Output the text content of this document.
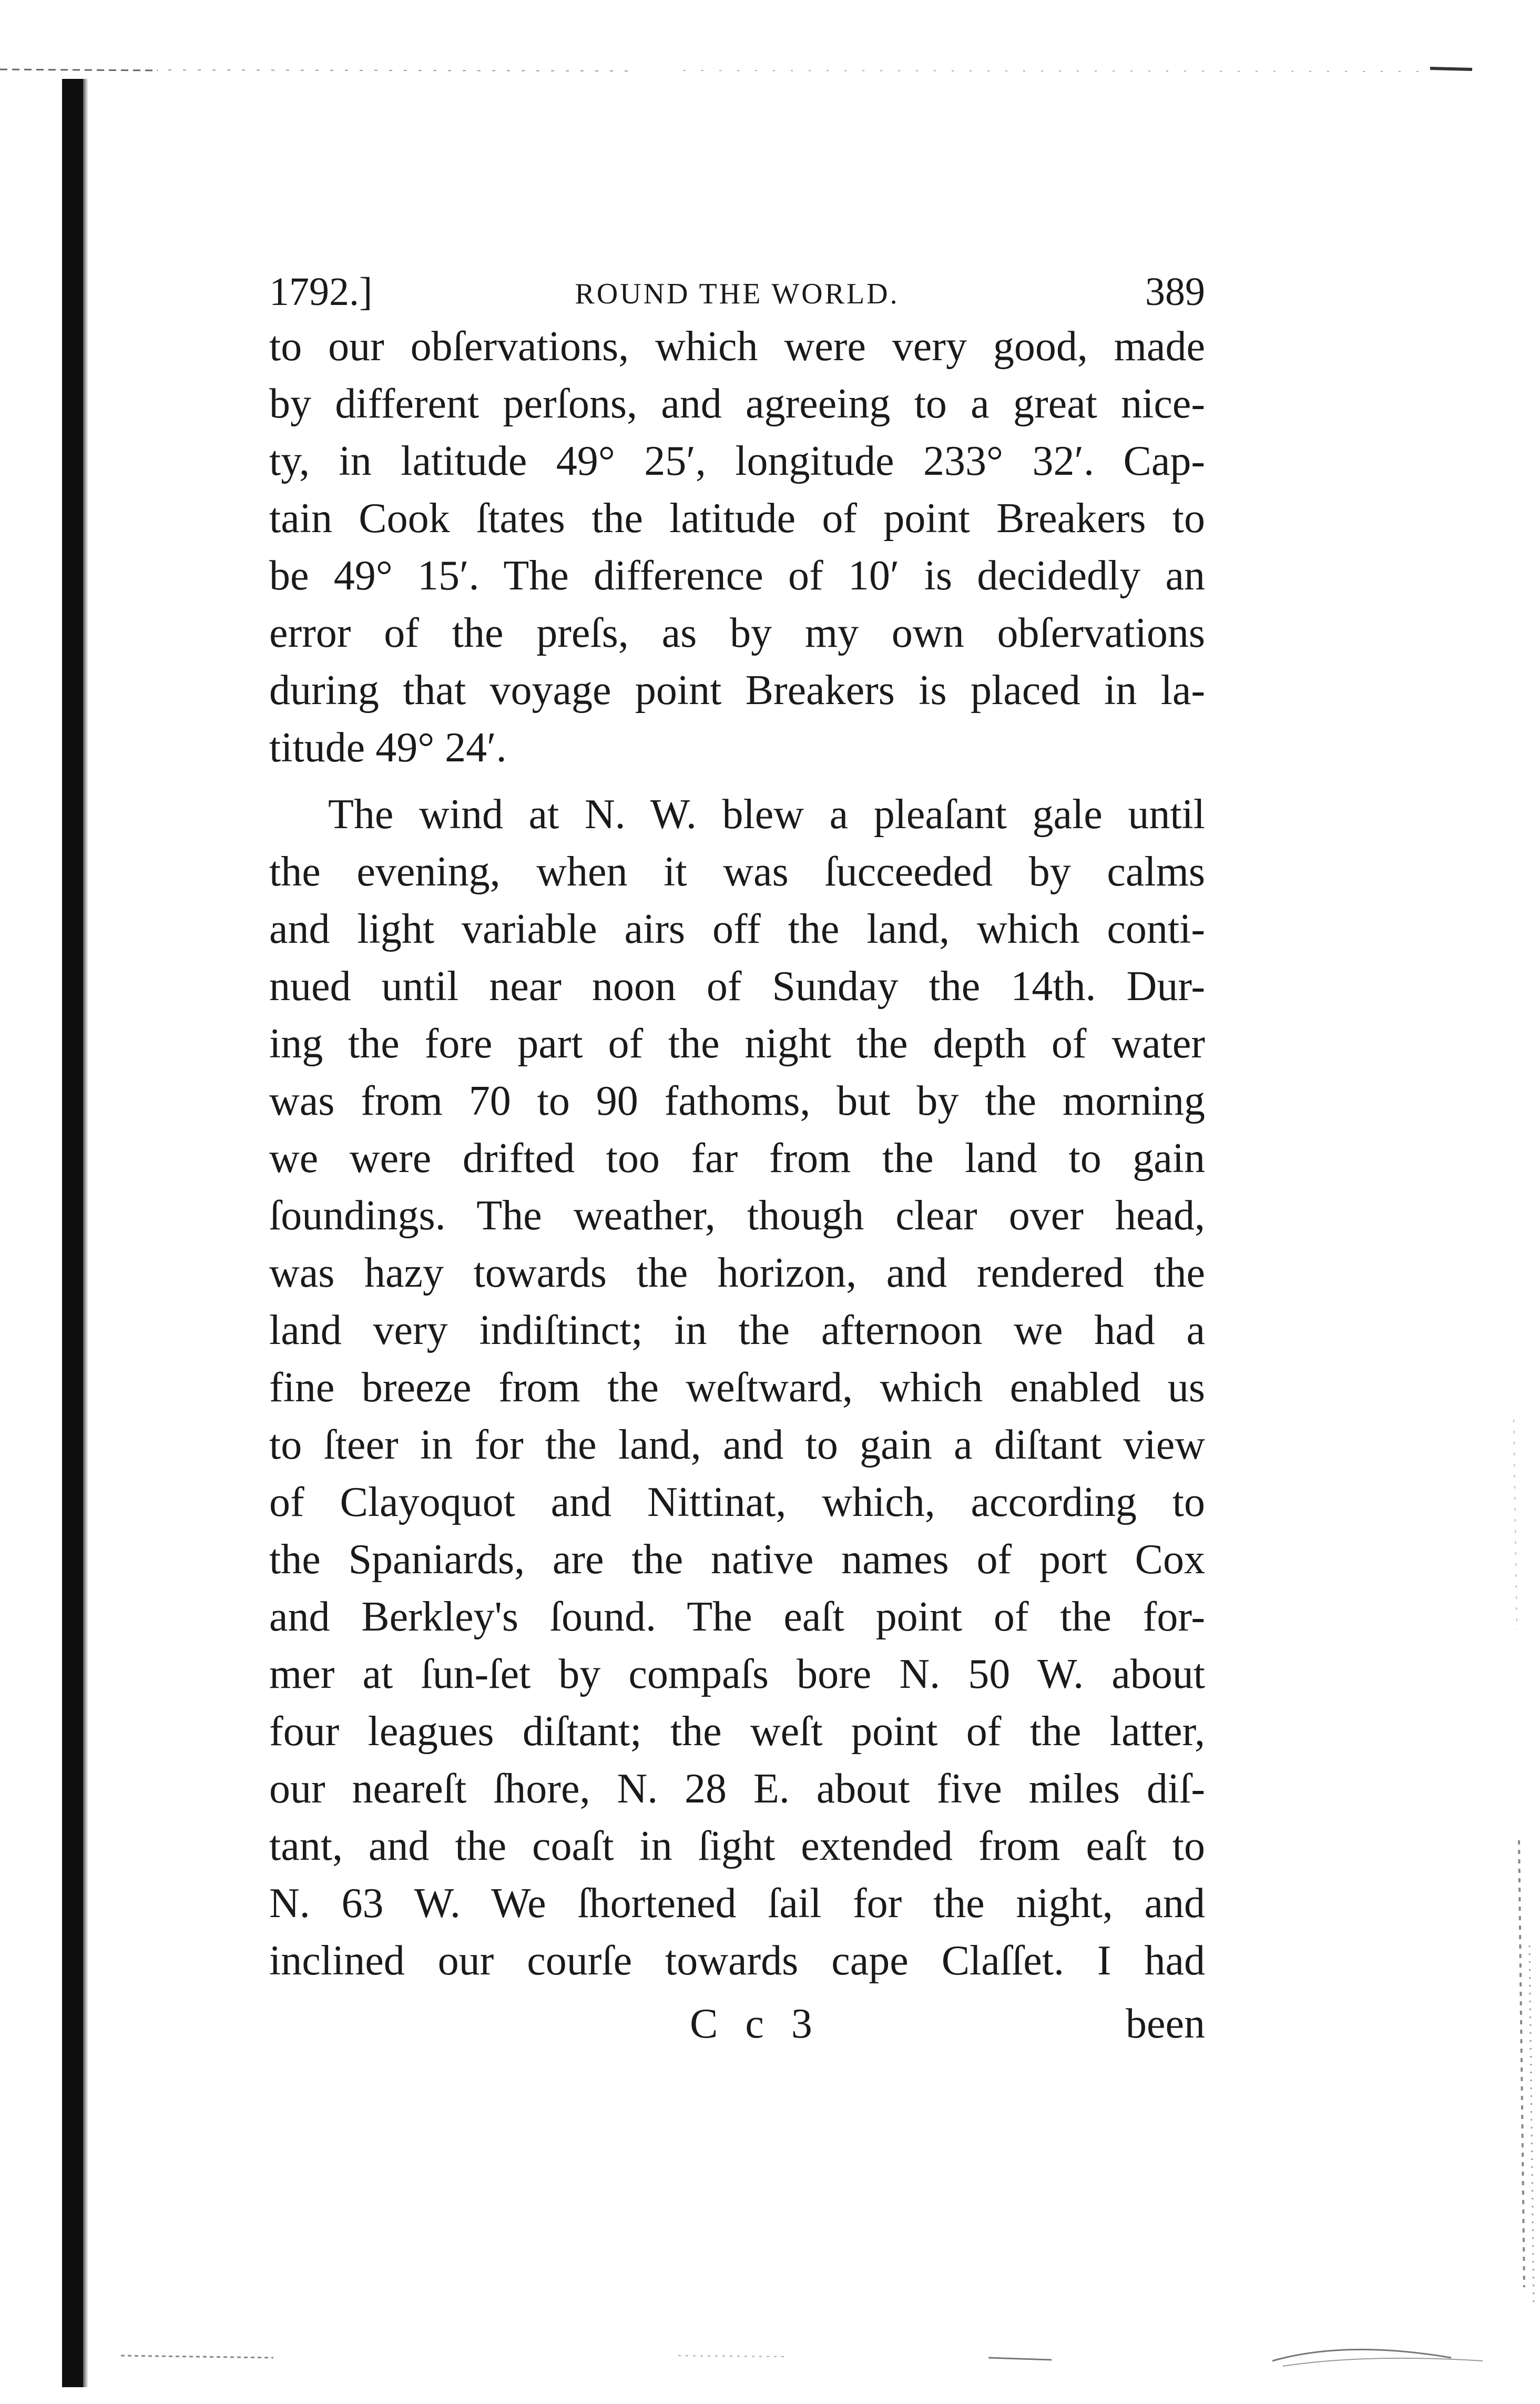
1792.]	ROUND THE WORLD.	389
to our obſervations, which were very good, made
by different perſons, and agreeing to a great nice-
ty, in latitude 49° 25′, longitude 233° 32′. Cap-
tain Cook ſtates the latitude of point Breakers to
be 49° 15′. The difference of 10′ is decidedly an
error of the preſs, as by my own obſervations
during that voyage point Breakers is placed in la-
titude 49° 24′.
The wind at N. W. blew a pleaſant gale until
the evening, when it was ſucceeded by calms
and light variable airs off the land, which conti-
nued until near noon of Sunday the 14th. Dur-
ing the fore part of the night the depth of water
was from 70 to 90 fathoms, but by the morning
we were drifted too far from the land to gain
ſoundings. The weather, though clear over head,
was hazy towards the horizon, and rendered the
land very indiſtinct; in the afternoon we had a
fine breeze from the weſtward, which enabled us
to ſteer in for the land, and to gain a diſtant view
of Clayoquot and Nittinat, which, according to
the Spaniards, are the native names of port Cox
and Berkley's ſound. The eaſt point of the for-
mer at ſun-ſet by compaſs bore N. 50 W. about
four leagues diſtant; the weſt point of the latter,
our neareſt ſhore, N. 28 E. about five miles diſ-
tant, and the coaſt in ſight extended from eaſt to
N. 63 W. We ſhortened ſail for the night, and
inclined our courſe towards cape Claſſet. I had
C c 3	been
